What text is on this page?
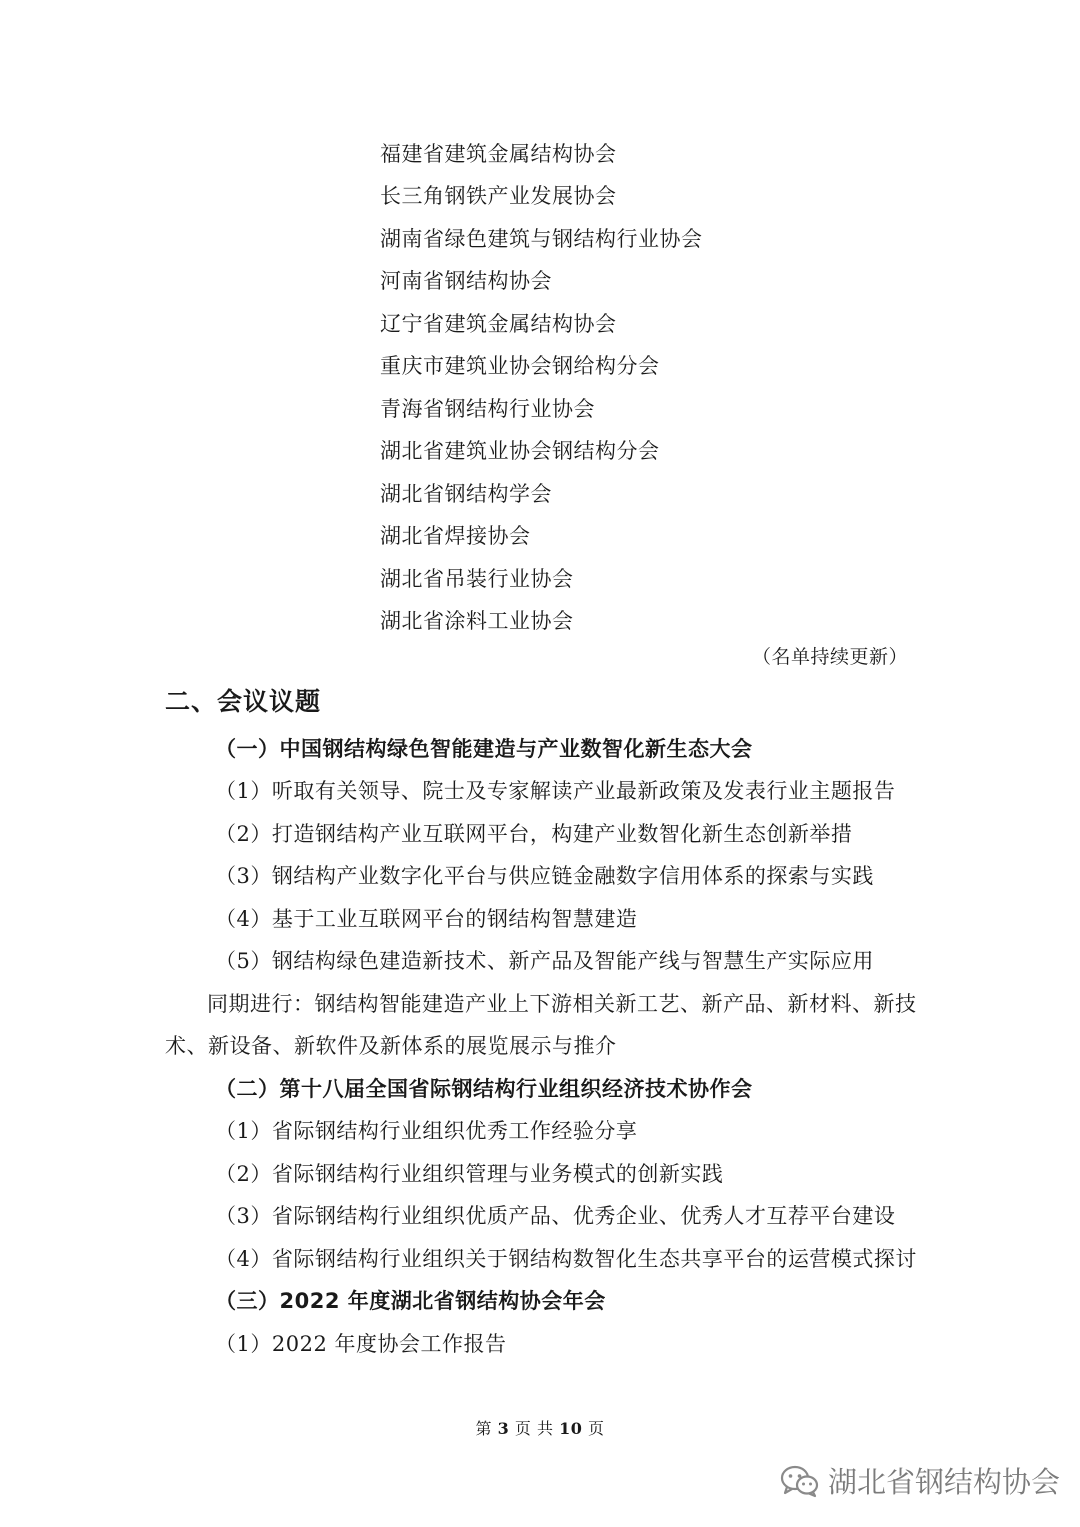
福建省建筑金属结构协会
长三角钢铁产业发展协会
湖南省绿色建筑与钢结构行业协会
河南省钢结构协会
辽宁省建筑金属结构协会
重庆市建筑业协会钢给构分会
青海省钢结构行业协会
湖北省建筑业协会钢结构分会
湖北省钢结构学会
湖北省焊接协会
湖北省吊装行业协会
湖北省涂料工业协会
（名单持续更新）
二、会议议题
（一）中国钢结构绿色智能建造与产业数智化新生态大会
（1）听取有关领导、院士及专家解读产业最新政策及发表行业主题报告
（2）打造钢结构产业互联网平台，构建产业数智化新生态创新举措
（3）钢结构产业数字化平台与供应链金融数字信用体系的探索与实践
（4）基于工业互联网平台的钢结构智慧建造
（5）钢结构绿色建造新技术、新产品及智能产线与智慧生产实际应用
同期进行：钢结构智能建造产业上下游相关新工艺、新产品、新材料、新技
术、新设备、新软件及新体系的展览展示与推介
（二）第十八届全国省际钢结构行业组织经济技术协作会
（1）省际钢结构行业组织优秀工作经验分享
（2）省际钢结构行业组织管理与业务模式的创新实践
（3）省际钢结构行业组织优质产品、优秀企业、优秀人才互荐平台建设
（4）省际钢结构行业组织关于钢结构数智化生态共享平台的运营模式探讨
（三）2022 年度湖北省钢结构协会年会
（1）2022 年度协会工作报告
第 3 页 共 10 页
湖北省钢结构协会
